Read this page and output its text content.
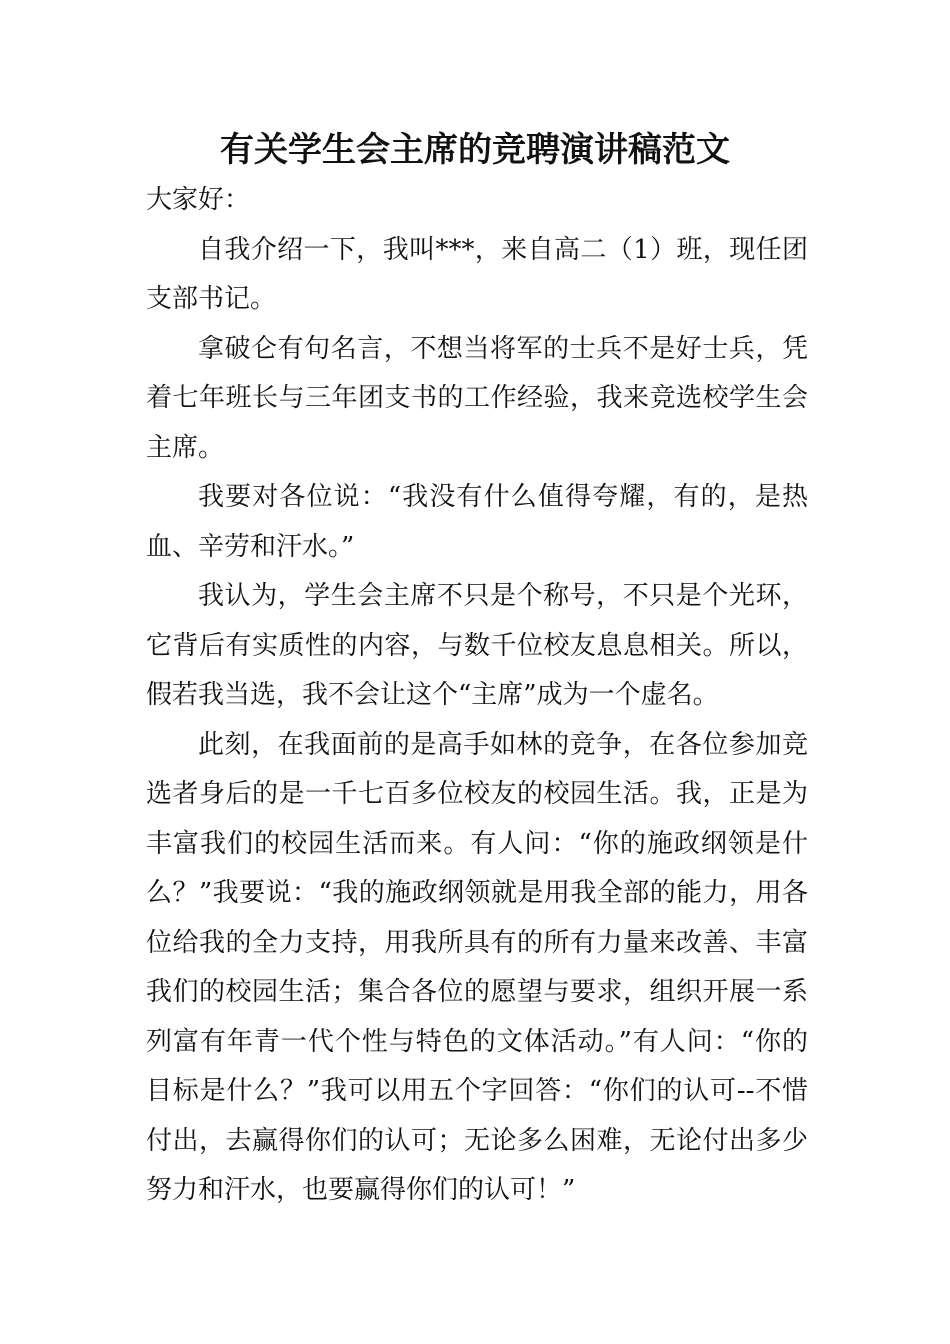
有关学生会主席的竞聘演讲稿范文

大家好：

自我介绍一下，我叫***，来自高二（1）班，现任团支部书记。

拿破仑有句名言，不想当将军的士兵不是好士兵，凭着七年班长与三年团支书的工作经验，我来竞选校学生会主席。

我要对各位说：“我没有什么值得夸耀，有的，是热血、辛劳和汗水。”

我认为，学生会主席不只是个称号，不只是个光环，它背后有实质性的内容，与数千位校友息息相关。所以，假若我当选，我不会让这个“主席”成为一个虚名。

此刻，在我面前的是高手如林的竞争，在各位参加竞选者身后的是一千七百多位校友的校园生活。我，正是为丰富我们的校园生活而来。有人问：“你的施政纲领是什么？”我要说：“我的施政纲领就是用我全部的能力，用各位给我的全力支持，用我所具有的所有力量来改善、丰富我们的校园生活；集合各位的愿望与要求，组织开展一系列富有年青一代个性与特色的文体活动。”有人问：“你的目标是什么？”我可以用五个字回答：“你们的认可--不惜付出，去赢得你们的认可；无论多么困难，无论付出多少努力和汗水，也要赢得你们的认可！”
